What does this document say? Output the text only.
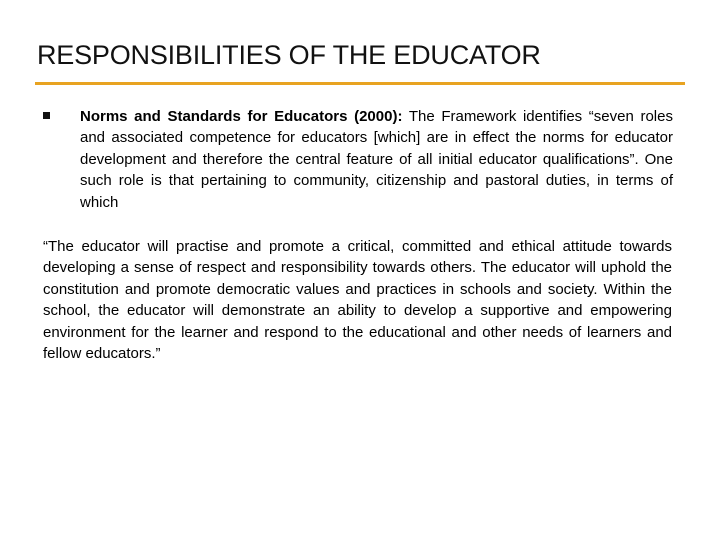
RESPONSIBILITIES OF THE EDUCATOR
Norms and Standards for Educators (2000): The Framework identifies “seven roles and associated competence for educators [which] are in effect the norms for educator development and therefore the central feature of all initial educator qualifications”. One such role is that pertaining to community, citizenship and pastoral duties, in terms of which
“The educator will practise and promote a critical, committed and ethical attitude towards developing a sense of respect and responsibility towards others. The educator will uphold the constitution and promote democratic values and practices in schools and society. Within the school, the educator will demonstrate an ability to develop a supportive and empowering environment for the learner and respond to the educational and other needs of learners and fellow educators.”
